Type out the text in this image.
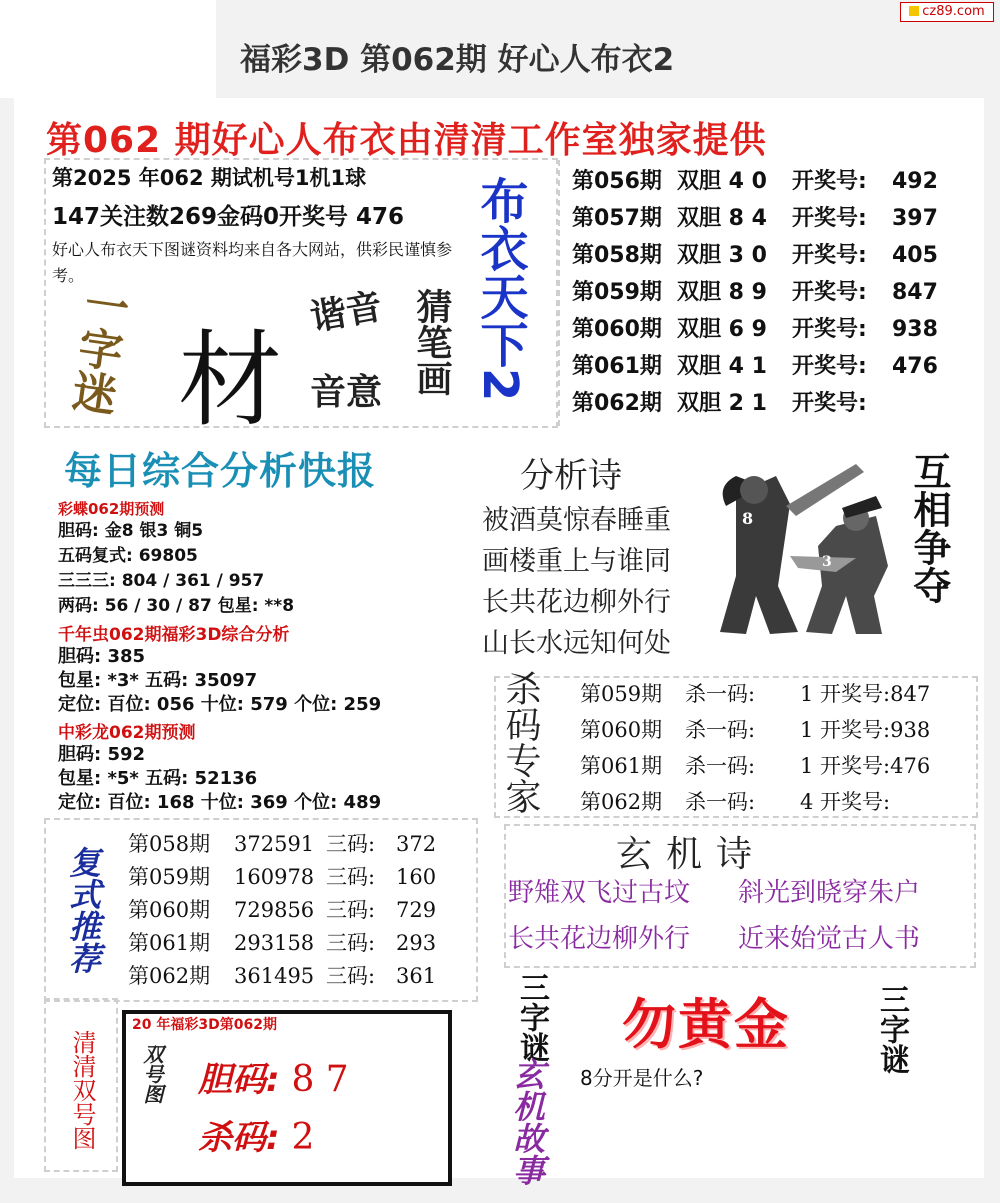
福彩3D 第062期 好心人布衣2
cz89.com
第062 期好心人布衣由清清工作室独家提供
第2025 年062 期试机号1机1球
147关注数269金码0开奖号 476
好心人布衣天下图谜资料均来自各大网站，供彩民谨慎参考。
一字迷 材
谐音 猜笔画
音意 布衣天下2 第056期 双胆 4 0 开奖号: 492
第057期 双胆 8 4 开奖号: 397
第058期 双胆 3 0 开奖号: 405
第059期 双胆 8 9 开奖号: 847
第060期 双胆 6 9 开奖号: 938
第061期 双胆 4 1 开奖号: 476
第062期 双胆 2 1 开奖号:
每日综合分析快报
彩蝶062期预测
胆码: 金8 银3 铜5
五码复式: 69805
三三三: 804 / 361 / 957
两码: 56 / 30 / 87 包星: **8
千年虫062期福彩3D综合分析
胆码: 385
包星: *3* 五码: 35097
定位: 百位: 056 十位: 579 个位: 259
中彩龙062期预测
胆码: 592
包星: *5* 五码: 52136
定位: 百位: 168 十位: 369 个位: 489
分析诗
被酒莫惊春睡重
画楼重上与谁同
长共花边柳外行
山长水远知何处
8
3 互相争夺
杀码专家 第059期 杀一码: 1 开奖号:847
第060期 杀一码: 1 开奖号:938
第061期 杀一码: 1 开奖号:476
第062期 杀一码: 4 开奖号:
玄机诗
野雉双飞过古坟 斜光到晓穿朱户
长共花边柳外行 近来始觉古人书
复式推荐
第058期 372591 三码: 372
第059期 160978 三码: 160
第060期 729856 三码: 729
第061期 293158 三码: 293
第062期 361495 三码: 361
清清双号图
20 年福彩3D第062期
双号图 胆码: 8 7
杀码: 2
三字谜	三字谜
勿黄金
8分开是什么?
玄机故事
